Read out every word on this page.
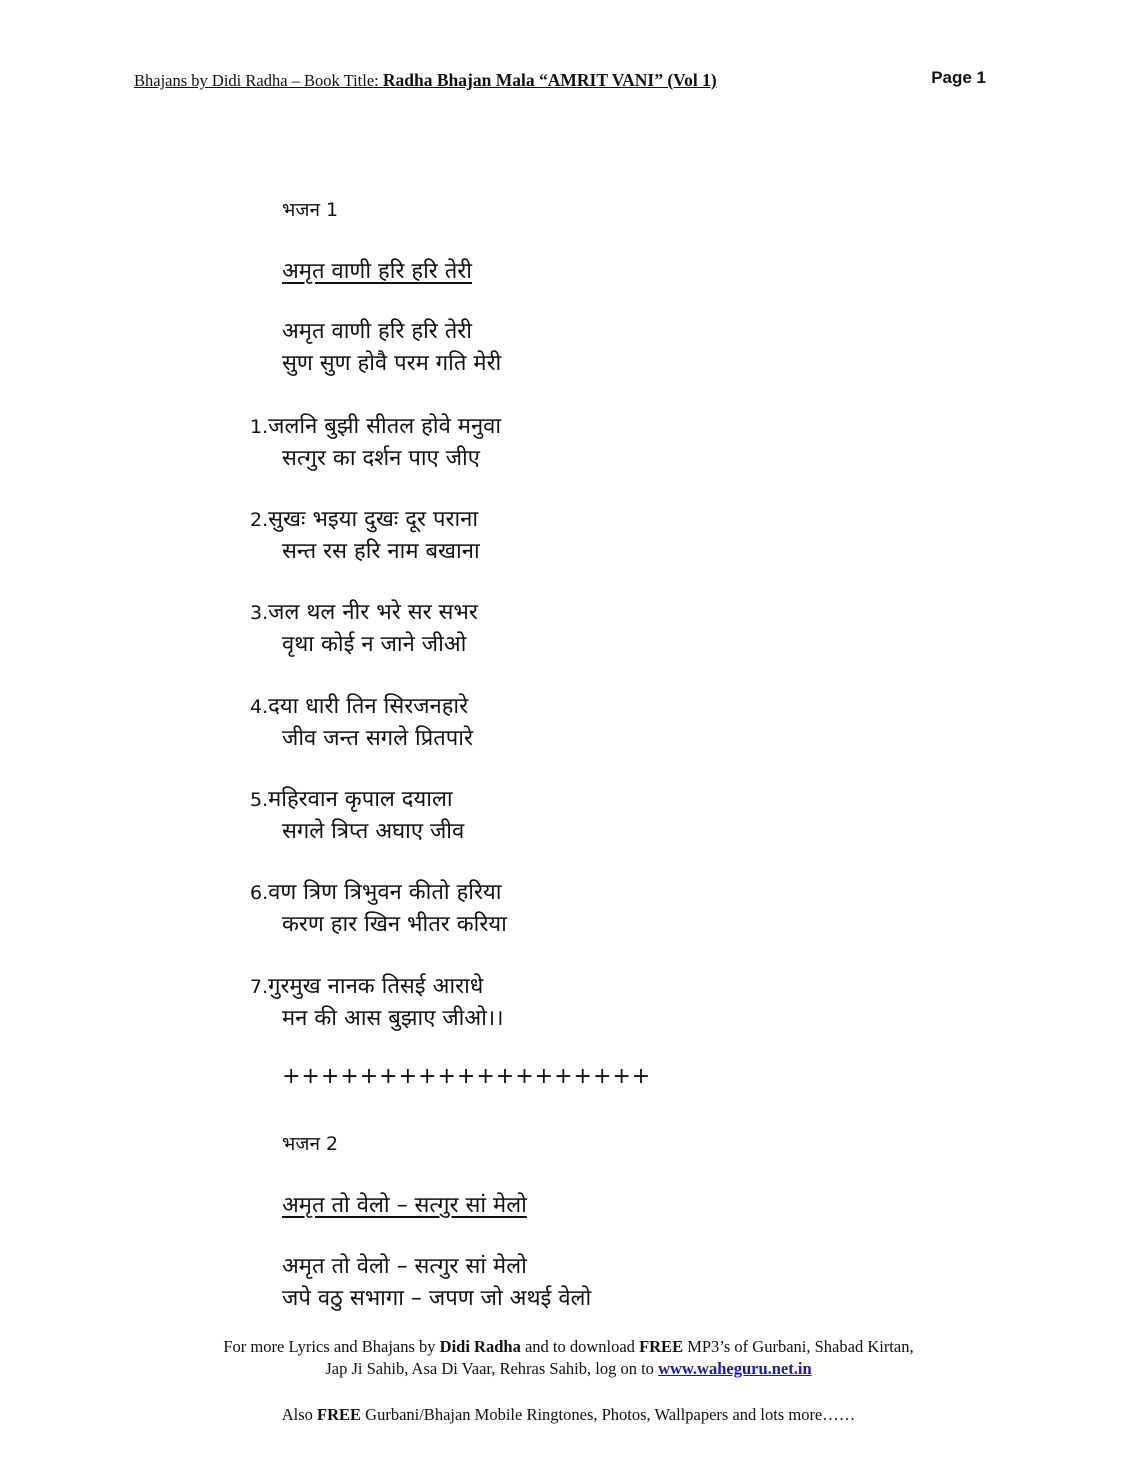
Bhajans by Didi Radha – Book Title: Radha Bhajan Mala “AMRIT VANI” (Vol 1)	Page 1
भजन 1
अमृत वाणी हरि हरि तेरी
अमृत वाणी हरि हरि तेरी
सुण सुण होवै परम गति मेरी
1.जलनि बुझी सीतल होवे मनुवा
सत्गुर का दर्शन पाए जीए
2.सुखः भइया दुखः दूर पराना
सन्त रस हरि नाम बखाना
3.जल थल नीर भरे सर सभर
वृथा कोई न जाने जीओ
4.दया धारी तिन सिरजनहारे
जीव जन्त सगले प्रितपारे
5.महिरवान कृपाल दयाला
सगले त्रिप्त अघाए जीव
6.वण त्रिण त्रिभुवन कीतो हरिया
करण हार खिन भीतर करिया
7.गुरमुख नानक तिसई आराधे
मन की आस बुझाए जीओ।।
+++++++++++++++++++
भजन 2
अमृत तो वेलो – सत्गुर सां मेलो
अमृत तो वेलो – सत्गुर सां मेलो
जपे वठु सभागा – जपण जो अथई वेलो
For more Lyrics and Bhajans by Didi Radha and to download FREE MP3’s of Gurbani, Shabad Kirtan,
Jap Ji Sahib, Asa Di Vaar, Rehras Sahib, log on to www.waheguru.net.in
Also FREE Gurbani/Bhajan Mobile Ringtones, Photos, Wallpapers and lots more……
